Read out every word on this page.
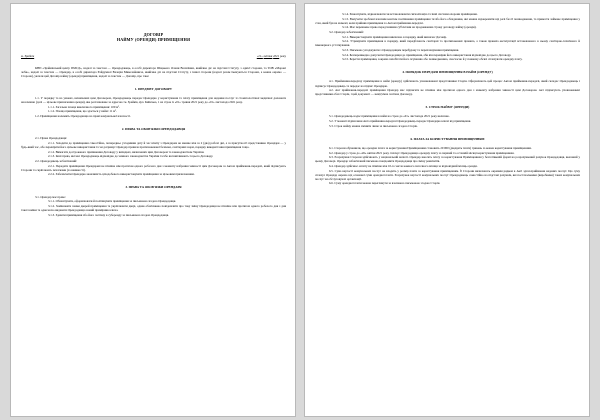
ДОГОВІР
НАЙМУ (ОРЕНДИ) ПРИМІЩЕННЯ
м. Зрайків	«21» квітня 2021 року

КНП «Зрайківський центр ПМСД», надалі за текстом — Орендодавець, в особі директора Шацького Олени Василівни, який/яка діє на підставі Статуту, з однієї сторони, та ТОВ «Мороні лоби», надалі за текстом — Орендар, в особі директора Райдужної Валерія Миколайовича, який/яка діє на підставі Статуту, з іншої сторони (надалі разом іменуються Сторони, а кожна окремо — Сторона), уклали цей Договір найму (оренди) приміщення, надалі за текстом — Договір, про таке:

1. ПРЕДМЕТ ДОГОВОРУ

1.1. У порядку та на умовах, визначених цим Договором, Орендодавець передає Орендарю у користування та плату приміщення для надання послуг зі стоматологічної медичної допомоги населенню (далі — цільове призначення оренди), яке розташоване за адресою: м. Зрайків, вул. Київська, 1 на строк із «01» травня 2021 року до «01» листопада 2021 року.

1.1.1. Загальна площа виключного приміщення: 100 м².

1.1.2. Площа приміщення, що здається у найм: 11 м².

1.2. Приміщення належить Орендодавцю на праві комунальної власності.

2. ПРАВА ТА ОБОВ'ЯЗКИ ОРЕНДОДАВЦЯ

2.1. Права Орендодавця:

2.1.1. Заходити до приміщення самостійно, попередньо узгодивши дату й час візиту з Орендарем не менше ніж за 2 (два) робочі дні, а за присутності представника Орендаря — у будь-який час, або перевіряти його цільове використання та чи дотримує Орендар правила протипожежної безпеки, санітарних норм, порядку використання приміщення тощо.

2.1.2. Вимагати дострокового припинення Договору у випадках, визначених цим Договором та законодавством України.

2.1.3. Інші права, які має Орендодавець відповідно до чинного законодавства України та/або які випливають із цього Договору.

2.2. Орендодавець зобов'язаний:

2.2.1. Передати приміщення Орендареві не пізніше ніж протягом одного робочого дня з моменту набрання чинності цим Договором за Актом приймання-передачі, який підписують Сторони та скріплюють печатками (за наявності).

2.2.2. Забезпечити Орендарю можливість цілодобового використовувати приміщення за цільовим призначенням.

3. ПРАВА ТА ОБОВ'ЯЗКИ ОРЕНДАРЯ

3.1. Орендар має право:

3.1.1. Облаштувати, оформлювати й поліпшувати приміщення за письмовою згодою Орендодавця.

3.1.2. Замінювати замки дверей приміщення та укріплювати двері, однак обов'язково повідомляти про таку зміну Орендодавця не пізніше ніж протягом одного робочого дня з дня такої заміни та одночасно видавати Орендодавцю новий примірник ключа.

3.1.3. Здавати приміщення або його частину в суборенду за письмовою згодою Орендодавця.

3.1.4. Ремонтувати, відновлювати чи встановлювати сигналізацію та інші системи охорони приміщення.

3.1.5. Вилучити зроблені власним коштом поліпшення приміщення та/або його обладнання, які можна відокремити від речі без її пошкодження, та привести займане приміщення у стан, який був на момент, коли прийняв приміщення за Актом приймання-передачі.

3.1.6. Має переважне право перед іншими суб'єктами на продовження строку договору найму (оренди).

3.2. Орендар зобов'язаний:

3.2.1. Використовувати приміщення виключно в порядку, який визначає Договір.

3.2.2. Утримувати приміщення в порядку, який передбачають санітарні та протипожежні правила, а також правила експлуатації встановленого в ньому санітарно-технічного й інженерного устаткування.

3.2.3. Письмово узгоджувати з Орендодавцем перебудову та перепланування приміщення.

3.2.4. Безперешкодно допускати Орендодавця до приміщення, аби він перевіряв його використання відповідно до цього Договору.

3.2.5. Берегти приміщення, зокрема запобігати його псуванню або пошкодженню, своєчасно й у повному обсязі сплачувати орендну плату.

4. ПОРЯДОК ПЕРЕДАЧІ ПРИМІЩЕННЯ В НАЙМ (ОРЕНДУ)

4.1. Приймання-передачу приміщення в найм (оренду) здійснюють уповноважені представники Сторін. Оформлюють цей процес Актом приймання-передачі, який складає Орендодавець і підписує Орендодавець та передає на підпис Орендарю.

4.2. Акт приймання-передачі приміщення Орендар має підписати не пізніше ніж протягом одного дня з моменту набрання чинності цим Договором. Акт підписують уповноважені представники обох Сторін, і цей документ — невід'ємна частина Договору.

5. СТРОК НАЙМУ (ОРЕНДИ)

5.1. Орендодавець надає приміщення в найм на строк до «01» листопада 2021 року включно.

5.2. У момент підписання Акта приймання-передачі Орендодавець передає Орендарю ключі від приміщення.

5.3. Строк найму можна змінити лише за письмовою згодою Сторін.

6. ПЛАТА ЗА КОРИСТУВАННЯ ПРИМІЩЕННЯМ

6.1. Сторони обумовили, що орендна плата за користування Приміщенням становить 20 000 (двадцять тисяч) гривень за кожен користування приміщенням.

6.2. Орендар у строк до «26» квітня 2021 року сплачує Орендодавцю орендну плату за перший та останній місяці користування приміщенням.

6.3. Розрахунки Сторони здійснюють у національній валюті. Орендар вносить плату за користування Приміщенням у безготівковій формі на розрахунковий рахунок Орендодавця, вказаний у цьому Договорі. Орендар зобов'язаний письмово повідомити Орендодавця про зміну реквізитів.

6.4. Орендар здійснює оплату не пізніше ніж 10-го числа кожного поточного місяця за відповідний місяць оренди.

6.5. Сума вартості комунальних послуг не входить у розмір плати за користування приміщенням. Її Сторони визначають окремим рядком в Акті здачі-приймання наданих послуг. Цю суму сплачує Орендар окремо від основної суми орендної плати. Розрахунок вартості комунальних послуг Орендодавець самостійно на підставі рахунків, які постачальники (виробники) таких комунальних послуг чи обслуговуючі організації.

6.6. Суму орендної плати можна переглянути за взаємною письмовою згодою Сторін.
